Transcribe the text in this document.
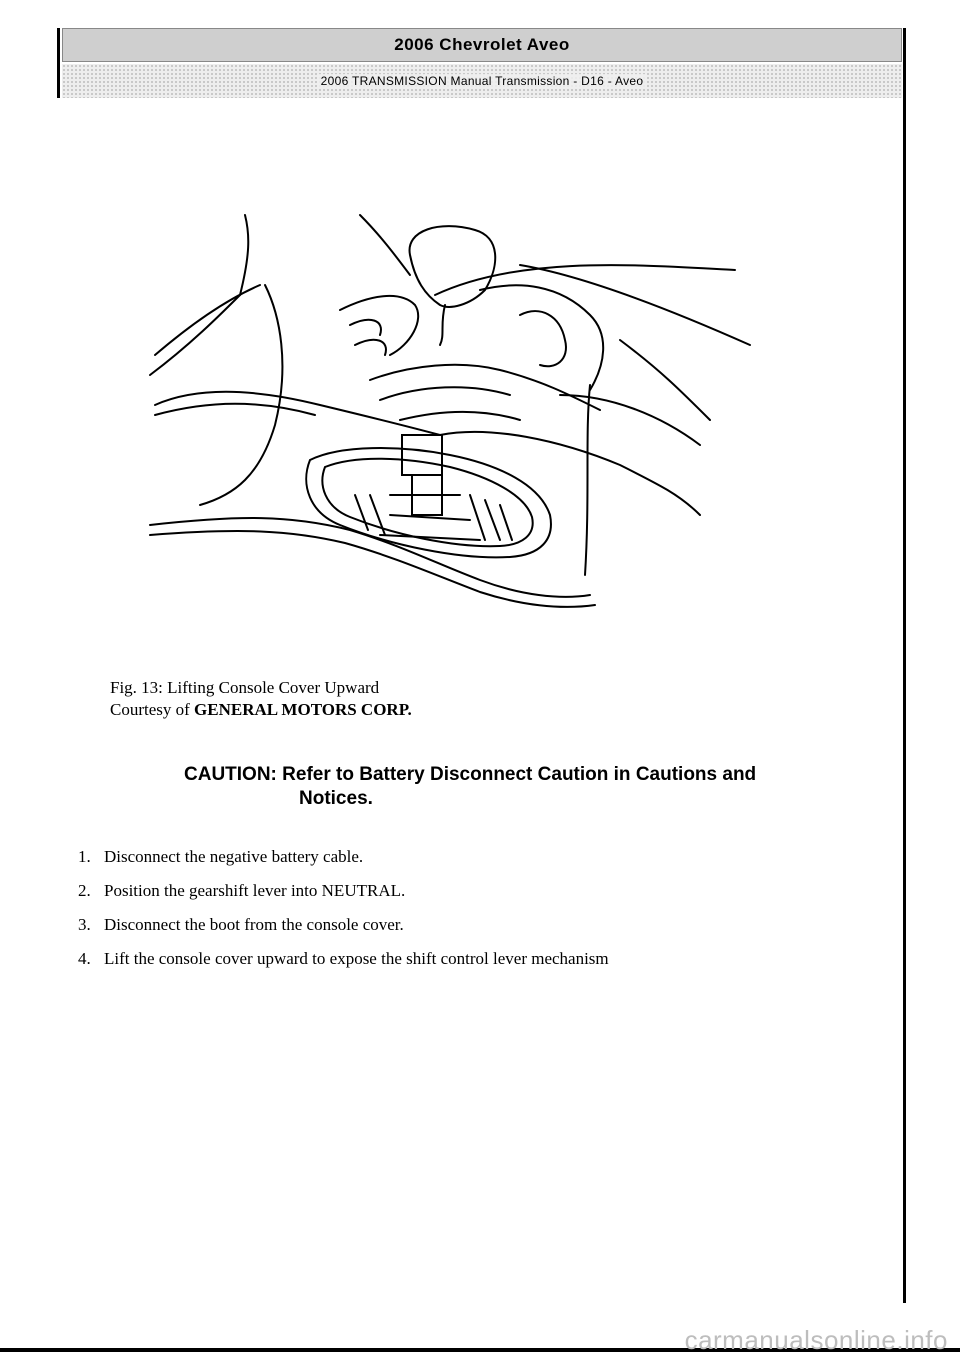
2006 Chevrolet Aveo
2006 TRANSMISSION Manual Transmission - D16 - Aveo
Fig. 13: Lifting Console Cover Upward
Courtesy of GENERAL MOTORS CORP.
CAUTION: Refer to Battery Disconnect Caution in Cautions and
Notices.
1. Disconnect the negative battery cable.
2. Position the gearshift lever into NEUTRAL.
3. Disconnect the boot from the console cover.
4. Lift the console cover upward to expose the shift control lever mechanism
carmanualsonline.info
